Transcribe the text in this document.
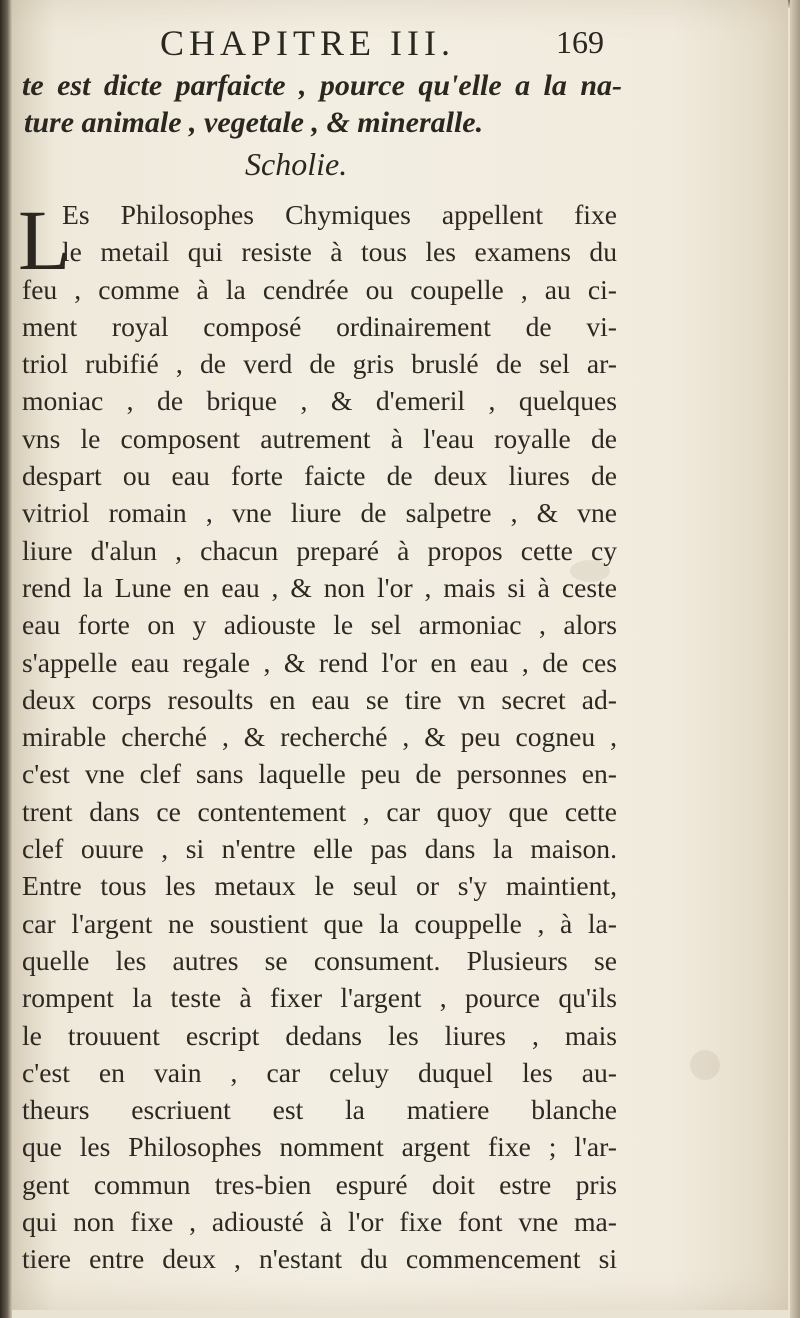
CHAPITRE III.	169
te est dicte parfaicte , pource qu'elle a la na-
ture animale , vegetale , & mineralle.
Scholie.
L
Es Philosophes Chymiques appellent fixe
le metail qui resiste à tous les examens du
feu , comme à la cendrée ou coupelle , au ci-
ment royal composé ordinairement de vi-
triol rubifié , de verd de gris bruslé de sel ar-
moniac , de brique , & d'emeril , quelques
vns le composent autrement à l'eau royalle de
despart ou eau forte faicte de deux liures de
vitriol romain , vne liure de salpetre , & vne
liure d'alun , chacun preparé à propos cette cy
rend la Lune en eau , & non l'or , mais si à ceste
eau forte on y adiouste le sel armoniac , alors
s'appelle eau regale , & rend l'or en eau , de ces
deux corps resoults en eau se tire vn secret ad-
mirable cherché , & recherché , & peu cogneu ,
c'est vne clef sans laquelle peu de personnes en-
trent dans ce contentement , car quoy que cette
clef ouure , si n'entre elle pas dans la maison.
Entre tous les metaux le seul or s'y maintient,
car l'argent ne soustient que la couppelle , à la-
quelle les autres se consument. Plusieurs se
rompent la teste à fixer l'argent , pource qu'ils
le trouuent escript dedans les liures , mais
c'est en vain , car celuy duquel les au-
theurs escriuent est la matiere blanche
que les Philosophes nomment argent fixe ; l'ar-
gent commun tres-bien espuré doit estre pris
qui non fixe , adiousté à l'or fixe font vne ma-
tiere entre deux , n'estant du commencement si
